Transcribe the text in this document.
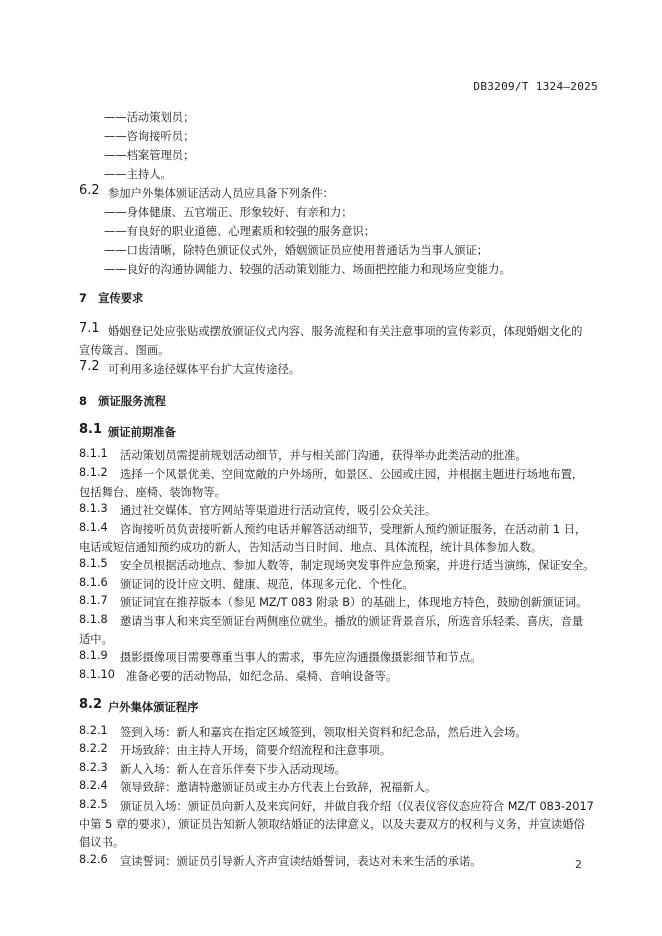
DB3209/T 1324—2025
——活动策划员；
——咨询接听员；
——档案管理员；
——主持人。
6.2 参加户外集体颁证活动人员应具备下列条件：
——身体健康、五官端正、形象较好、有亲和力；
——有良好的职业道德、心理素质和较强的服务意识；
——口齿清晰，除特色颁证仪式外，婚姻颁证员应使用普通话为当事人颁证；
——良好的沟通协调能力、较强的活动策划能力、场面把控能力和现场应变能力。
7　宣传要求
7.1 婚姻登记处应张贴或摆放颁证仪式内容、服务流程和有关注意事项的宣传彩页，体现婚姻文化的
宣传箴言、图画。
7.2 可利用多途径媒体平台扩大宣传途径。
8　颁证服务流程
8.1 颁证前期准备
8.1.1 活动策划员需提前规划活动细节，并与相关部门沟通，获得举办此类活动的批准。
8.1.2 选择一个风景优美、空间宽敞的户外场所，如景区、公园或庄园，并根据主题进行场地布置，
包括舞台、座椅、装饰物等。
8.1.3 通过社交媒体、官方网站等渠道进行活动宣传，吸引公众关注。
8.1.4 咨询接听员负责接听新人预约电话并解答活动细节，受理新人预约颁证服务，在活动前 1 日，
电话或短信通知预约成功的新人，告知活动当日时间、地点、具体流程，统计具体参加人数。
8.1.5 安全员根据活动地点、参加人数等，制定现场突发事件应急预案，并进行适当演练，保证安全。
8.1.6 颁证词的设计应文明、健康、规范，体现多元化、个性化。
8.1.7 颁证词宜在推荐版本（参见 MZ/T 083 附录 B）的基础上，体现地方特色，鼓励创新颁证词。
8.1.8 邀请当事人和来宾至颁证台两侧座位就坐。播放的颁证背景音乐，所选音乐轻柔、喜庆，音量
适中。
8.1.9 摄影摄像项目需要尊重当事人的需求，事先应沟通摄像摄影细节和节点。
8.1.10 准备必要的活动物品，如纪念品、桌椅、音响设备等。
8.2 户外集体颁证程序
8.2.1 签到入场：新人和嘉宾在指定区域签到，领取相关资料和纪念品，然后进入会场。
8.2.2 开场致辞：由主持人开场，简要介绍流程和注意事项。
8.2.3 新人入场：新人在音乐伴奏下步入活动现场。
8.2.4 领导致辞：邀请特邀颁证员或主办方代表上台致辞，祝福新人。
8.2.5 颁证员入场：颁证员向新人及来宾问好，并做自我介绍（仪表仪容仪态应符合 MZ/T 083-2017
中第 5 章的要求），颁证员告知新人领取结婚证的法律意义，以及夫妻双方的权利与义务，并宣读婚俗
倡议书。
8.2.6 宣读誓词：颁证员引导新人齐声宣读结婚誓词，表达对未来生活的承诺。	2
